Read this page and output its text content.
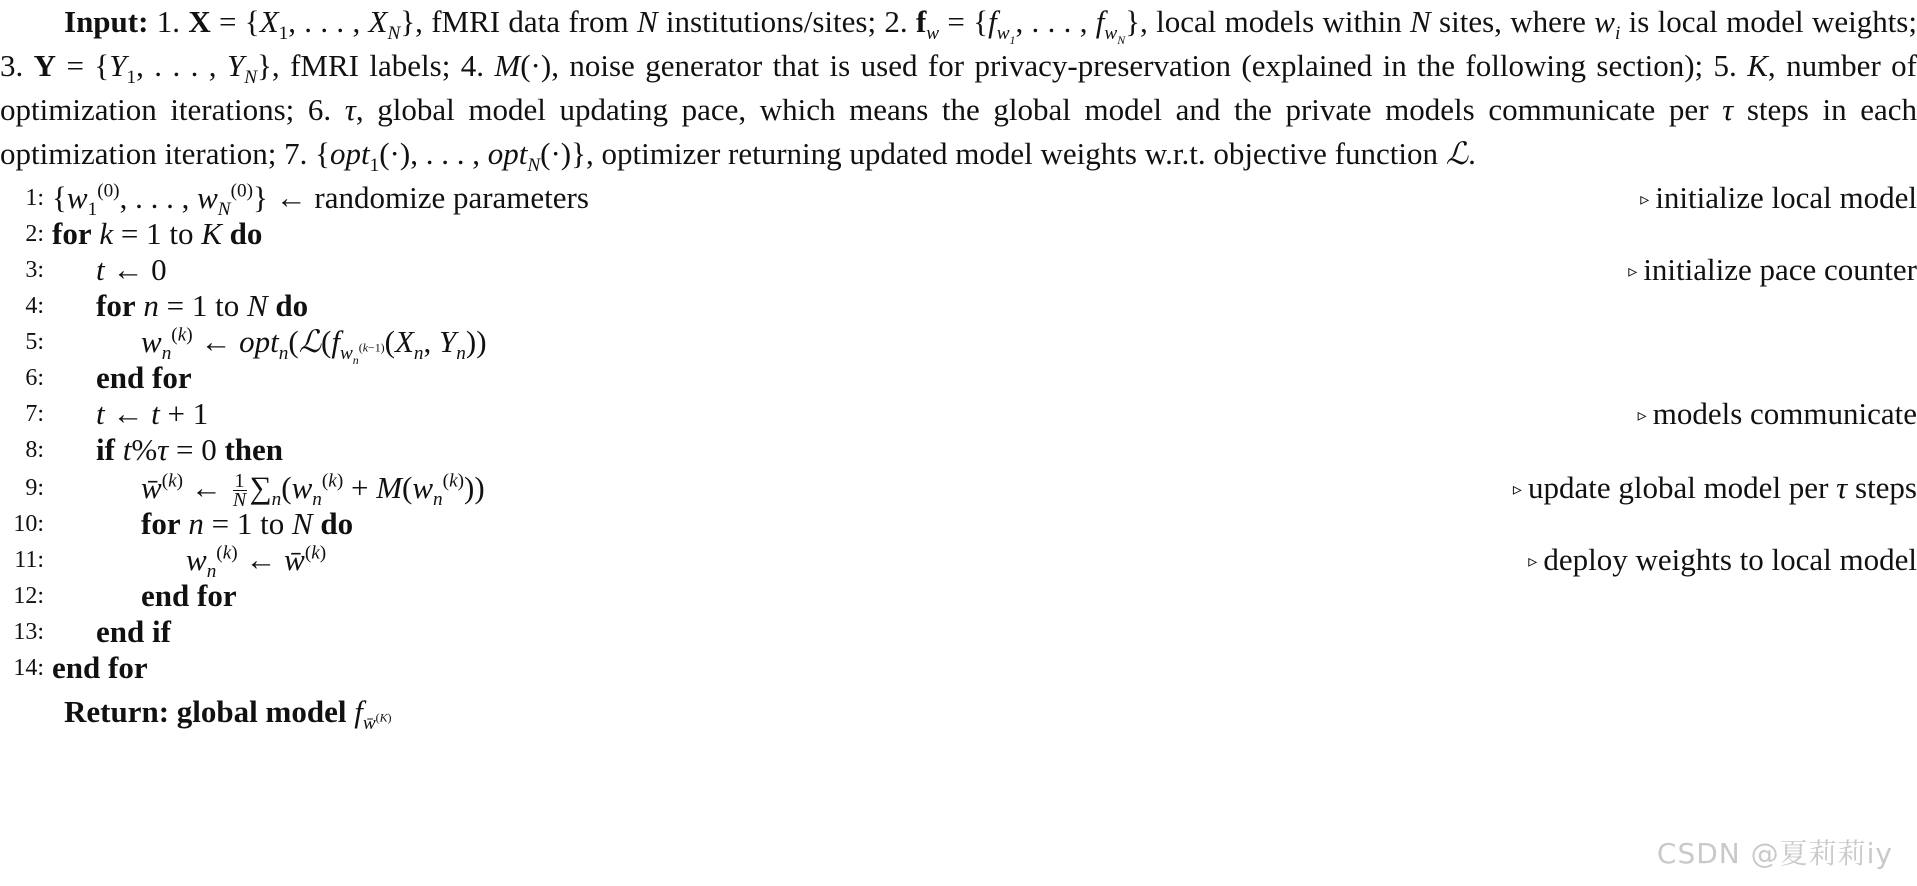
Input: 1. $X = \{X_1$, . . . , $X_N$}, fMRI data from N institutions/sites; 2. $f_w = \{f_{w_1}$, . . . , $f_{w_N}$}, local models within N sites, where $w_i$ is local model weights; 3. $Y = \{Y_1$, . . . , $Y_N$}, fMRI labels; 4. M(·), noise generator that is used for privacy-preservation (explained in the following section); 5. K, number of optimization iterations; 6. τ, global model updating pace, which means the global model and the private models communicate per τ steps in each optimization iteration; 7. {opt$_1$(·), . . . , opt$_N$(·)}, optimizer returning updated model weights w.r.t. objective function ℒ.
1: {$w_1^{(0)}$, . . . , $w_N^{(0)}$} ← randomize parameters	▹ initialize local model
2: for k = 1 to K do
3: t ← 0	▹ initialize pace counter
4: for n = 1 to N do
5:	$w_n^{(k)}$ ← $opt_n(ℒ(f_{w_n^{(k-1)}}(X_n$, $Y_n$))
6: end for
7: t ← t + 1	▹ models communicate
8: if t%τ = 0 then
9:	w̄$^{(k)}$ ← $\frac{1}{N} \sum_n(w_n^{(k)} + M(w_n^{(k)}))$	▹ update global model per τ steps
10:	for n = 1 to N do
11:	$w_n^{(k)}$ ← w̄$^{(k)}$	▹ deploy weights to local model
12:	end for
13: end if
14: end for
Return: global model $f_{w̄^{(K)}}$
CSDN @夏莉莉iy
